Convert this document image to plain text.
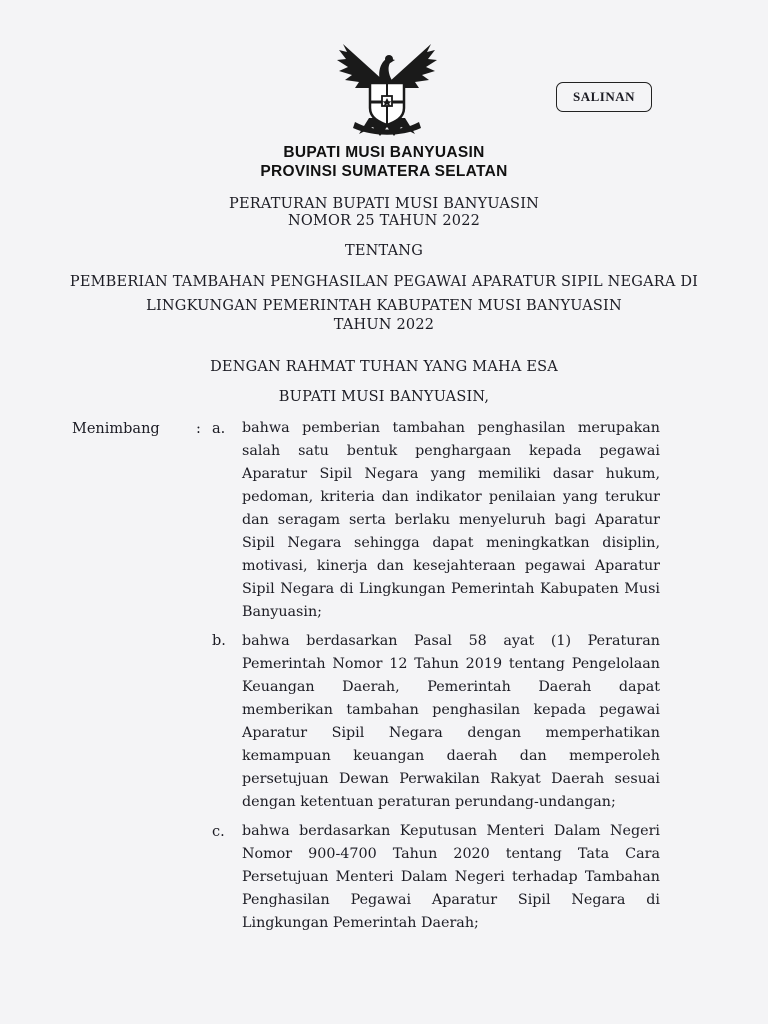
SALINAN
BUPATI MUSI BANYUASIN
PROVINSI SUMATERA SELATAN
PERATURAN BUPATI MUSI BANYUASIN
NOMOR 25 TAHUN 2022
TENTANG
PEMBERIAN TAMBAHAN PENGHASILAN PEGAWAI APARATUR SIPIL NEGARA DI
LINGKUNGAN PEMERINTAH KABUPATEN MUSI BANYUASIN
TAHUN 2022
DENGAN RAHMAT TUHAN YANG MAHA ESA
BUPATI MUSI BANYUASIN,
Menimbang	: a. bahwa pemberian tambahan penghasilan merupakan
salah satu bentuk penghargaan kepada pegawai
Aparatur Sipil Negara yang memiliki dasar hukum,
pedoman, kriteria dan indikator penilaian yang terukur
dan seragam serta berlaku menyeluruh bagi Aparatur
Sipil Negara sehingga dapat meningkatkan disiplin,
motivasi, kinerja dan kesejahteraan pegawai Aparatur
Sipil Negara di Lingkungan Pemerintah Kabupaten Musi
Banyuasin;
b. bahwa berdasarkan Pasal 58 ayat (1) Peraturan
Pemerintah Nomor 12 Tahun 2019 tentang Pengelolaan
Keuangan Daerah, Pemerintah Daerah dapat
memberikan tambahan penghasilan kepada pegawai
Aparatur Sipil Negara dengan memperhatikan
kemampuan keuangan daerah dan memperoleh
persetujuan Dewan Perwakilan Rakyat Daerah sesuai
dengan ketentuan peraturan perundang-undangan;
c. bahwa berdasarkan Keputusan Menteri Dalam Negeri
Nomor 900-4700 Tahun 2020 tentang Tata Cara
Persetujuan Menteri Dalam Negeri terhadap Tambahan
Penghasilan Pegawai Aparatur Sipil Negara di
Lingkungan Pemerintah Daerah;
